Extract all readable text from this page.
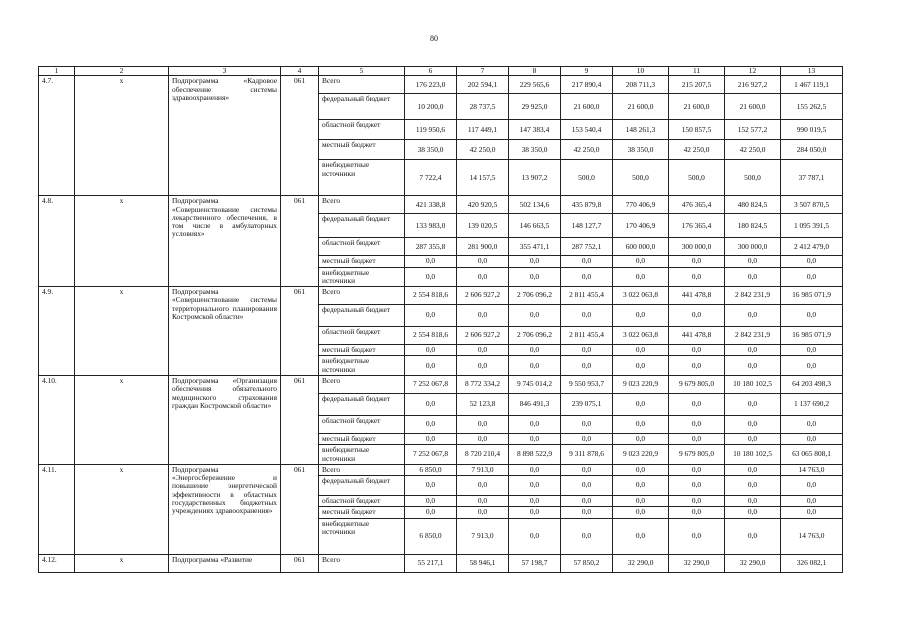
80
1	2	3	4	5	6	7	8	9	10	11	12	13
4.7.	х	Подпрограмма «Кадровое обеспечение системы здравоохранения»	061	Всего	176 223,0	202 594,1	229 565,6	217 890,4	208 711,3	215 207,5	216 927,2	1 467 119,1
				федеральный бюджет	10 200,0	28 737,5	29 925,0	21 600,0	21 600,0	21 600,0	21 600,0	155 262,5
				областной бюджет	119 950,6	117 449,1	147 383,4	153 540,4	148 261,3	150 857,5	152 577,2	990 019,5
				местный бюджет	38 350,0	42 250,0	38 350,0	42 250,0	38 350,0	42 250,0	42 250,0	284 050,0
				внебюджетные источники	7 722,4	14 157,5	13 907,2	500,0	500,0	500,0	500,0	37 787,1
4.8.	х	Подпрограмма «Совершенствование системы лекарственного обеспечения, в том числе в амбулаторных условиях»	061	Всего	421 338,8	420 920,5	502 134,6	435 879,8	770 406,9	476 365,4	480 824,5	3 507 870,5
				федеральный бюджет	133 983,0	139 020,5	146 663,5	148 127,7	170 406,9	176 365,4	180 824,5	1 095 391,5
				областной бюджет	287 355,8	281 900,0	355 471,1	287 752,1	600 000,0	300 000,0	300 000,0	2 412 479,0
				местный бюджет	0,0	0,0	0,0	0,0	0,0	0,0	0,0	0,0
				внебюджетные источники	0,0	0,0	0,0	0,0	0,0	0,0	0,0	0,0
4.9.	х	Подпрограмма «Совершенствование системы территориального планирования Костромской области»	061	Всего	2 554 818,6	2 606 927,2	2 706 096,2	2 811 455,4	3 022 063,8	441 478,8	2 842 231,9	16 985 071,9
				федеральный бюджет	0,0	0,0	0,0	0,0	0,0	0,0	0,0	0,0
				областной бюджет	2 554 818,6	2 606 927,2	2 706 096,2	2 811 455,4	3 022 063,8	441 478,8	2 842 231,9	16 985 071,9
				местный бюджет	0,0	0,0	0,0	0,0	0,0	0,0	0,0	0,0
				внебюджетные источники	0,0	0,0	0,0	0,0	0,0	0,0	0,0	0,0
4.10.	х	Подпрограмма «Организация обеспечения обязательного медицинского страхования граждан Костромской области»	061	Всего	7 252 067,8	8 772 334,2	9 745 014,2	9 550 953,7	9 023 220,9	9 679 805,0	10 180 102,5	64 203 498,3
				федеральный бюджет	0,0	52 123,8	846 491,3	239 075,1	0,0	0,0	0,0	1 137 690,2
				областной бюджет	0,0	0,0	0,0	0,0	0,0	0,0	0,0	0,0
				местный бюджет	0,0	0,0	0,0	0,0	0,0	0,0	0,0	0,0
				внебюджетные источники	7 252 067,8	8 720 210,4	8 898 522,9	9 311 878,6	9 023 220,9	9 679 805,0	10 180 102,5	63 065 808,1
4.11.	х	Подпрограмма «Энергосбережение и повышение энергетической эффективности в областных государственных бюджетных учреждениях здравоохранения»	061	Всего	6 850,0	7 913,0	0,0	0,0	0,0	0,0	0,0	14 763,0
				федеральный бюджет	0,0	0,0	0,0	0,0	0,0	0,0	0,0	0,0
				областной бюджет	0,0	0,0	0,0	0,0	0,0	0,0	0,0	0,0
				местный бюджет	0,0	0,0	0,0	0,0	0,0	0,0	0,0	0,0
				внебюджетные источники	6 850,0	7 913,0	0,0	0,0	0,0	0,0	0,0	14 763,0
4.12.	х	Подпрограмма «Развитие	061	Всего	55 217,1	58 946,1	57 198,7	57 850,2	32 290,0	32 290,0	32 290,0	326 082,1
